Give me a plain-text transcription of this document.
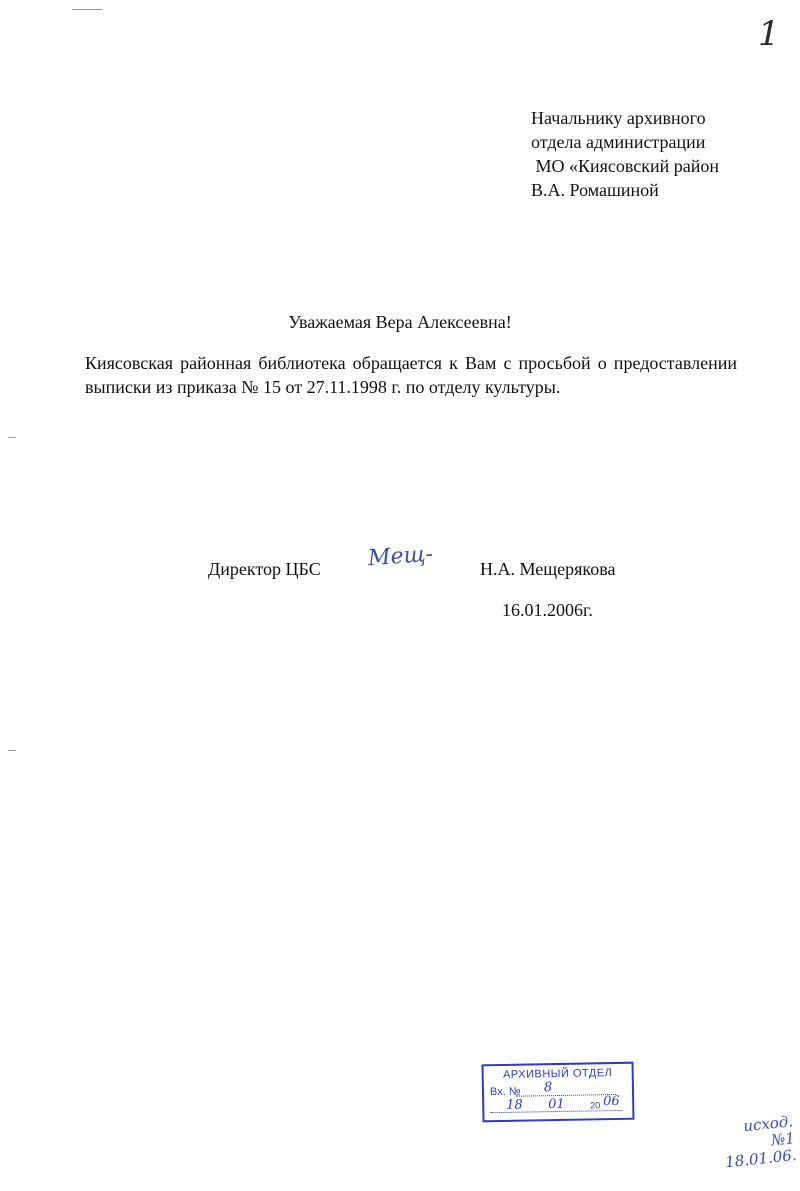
1
Начальнику архивного
отдела администрации
МО «Киясовский район
В.А. Ромашиной
Уважаемая Вера Алексеевна!
Киясовская районная библиотека обращается к Вам с просьбой о предоставлении выписки из приказа № 15 от 27.11.1998 г. по отделу культуры.
Директор ЦБС Мещ-	Н.А. Мещерякова
16.01.2006г.
АРХИВНЫЙ ОТДЕЛ
Вх. № 8
18 01	20 06
исход.
№1
18.01.06.
